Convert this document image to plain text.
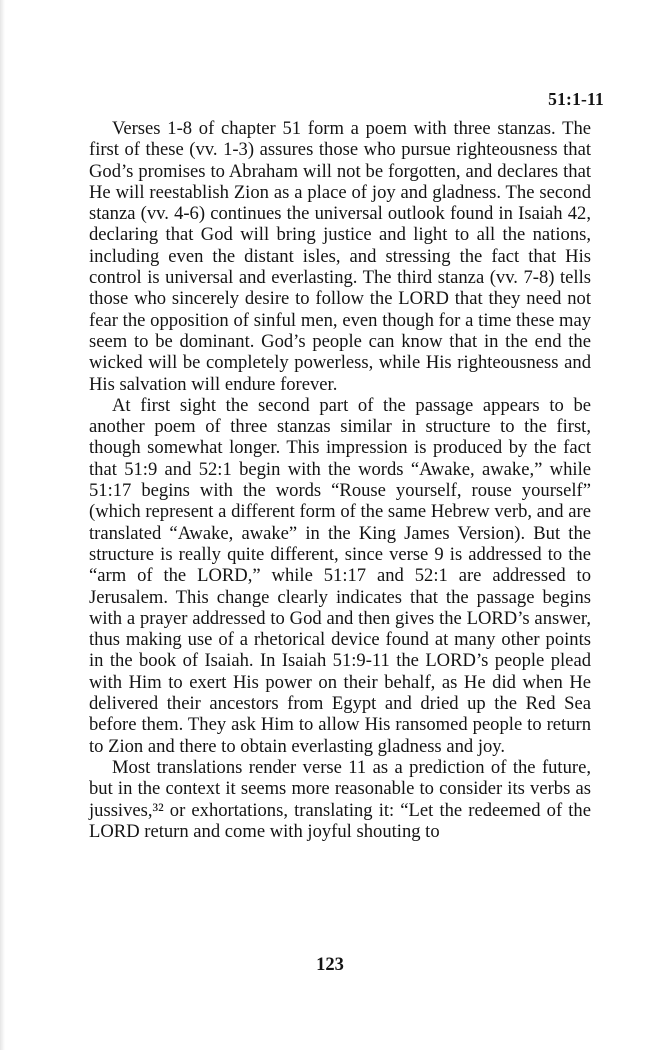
51:1-11

Verses 1-8 of chapter 51 form a poem with three stanzas. The first of these (vv. 1-3) assures those who pursue righteousness that God’s promises to Abraham will not be forgotten, and declares that He will reestablish Zion as a place of joy and gladness. The second stanza (vv. 4-6) continues the universal outlook found in Isaiah 42, declaring that God will bring justice and light to all the nations, including even the distant isles, and stressing the fact that His control is universal and everlasting. The third stanza (vv. 7-8) tells those who sincerely desire to follow the LORD that they need not fear the opposition of sinful men, even though for a time these may seem to be dominant. God’s people can know that in the end the wicked will be completely powerless, while His righteousness and His salvation will endure forever.

At first sight the second part of the passage appears to be another poem of three stanzas similar in structure to the first, though somewhat longer. This impression is produced by the fact that 51:9 and 52:1 begin with the words “Awake, awake,” while 51:17 begins with the words “Rouse yourself, rouse yourself” (which represent a different form of the same Hebrew verb, and are translated “Awake, awake” in the King James Version). But the structure is really quite different, since verse 9 is addressed to the “arm of the LORD,” while 51:17 and 52:1 are addressed to Jerusalem. This change clearly indicates that the passage begins with a prayer addressed to God and then gives the LORD’s answer, thus making use of a rhetorical device found at many other points in the book of Isaiah. In Isaiah 51:9-11 the LORD’s people plead with Him to exert His power on their behalf, as He did when He delivered their ancestors from Egypt and dried up the Red Sea before them. They ask Him to allow His ransomed people to return to Zion and there to obtain everlasting gladness and joy.

Most translations render verse 11 as a prediction of the future, but in the context it seems more reasonable to consider its verbs as jussives,³² or exhortations, translating it: “Let the redeemed of the LORD return and come with joyful shouting to

123
